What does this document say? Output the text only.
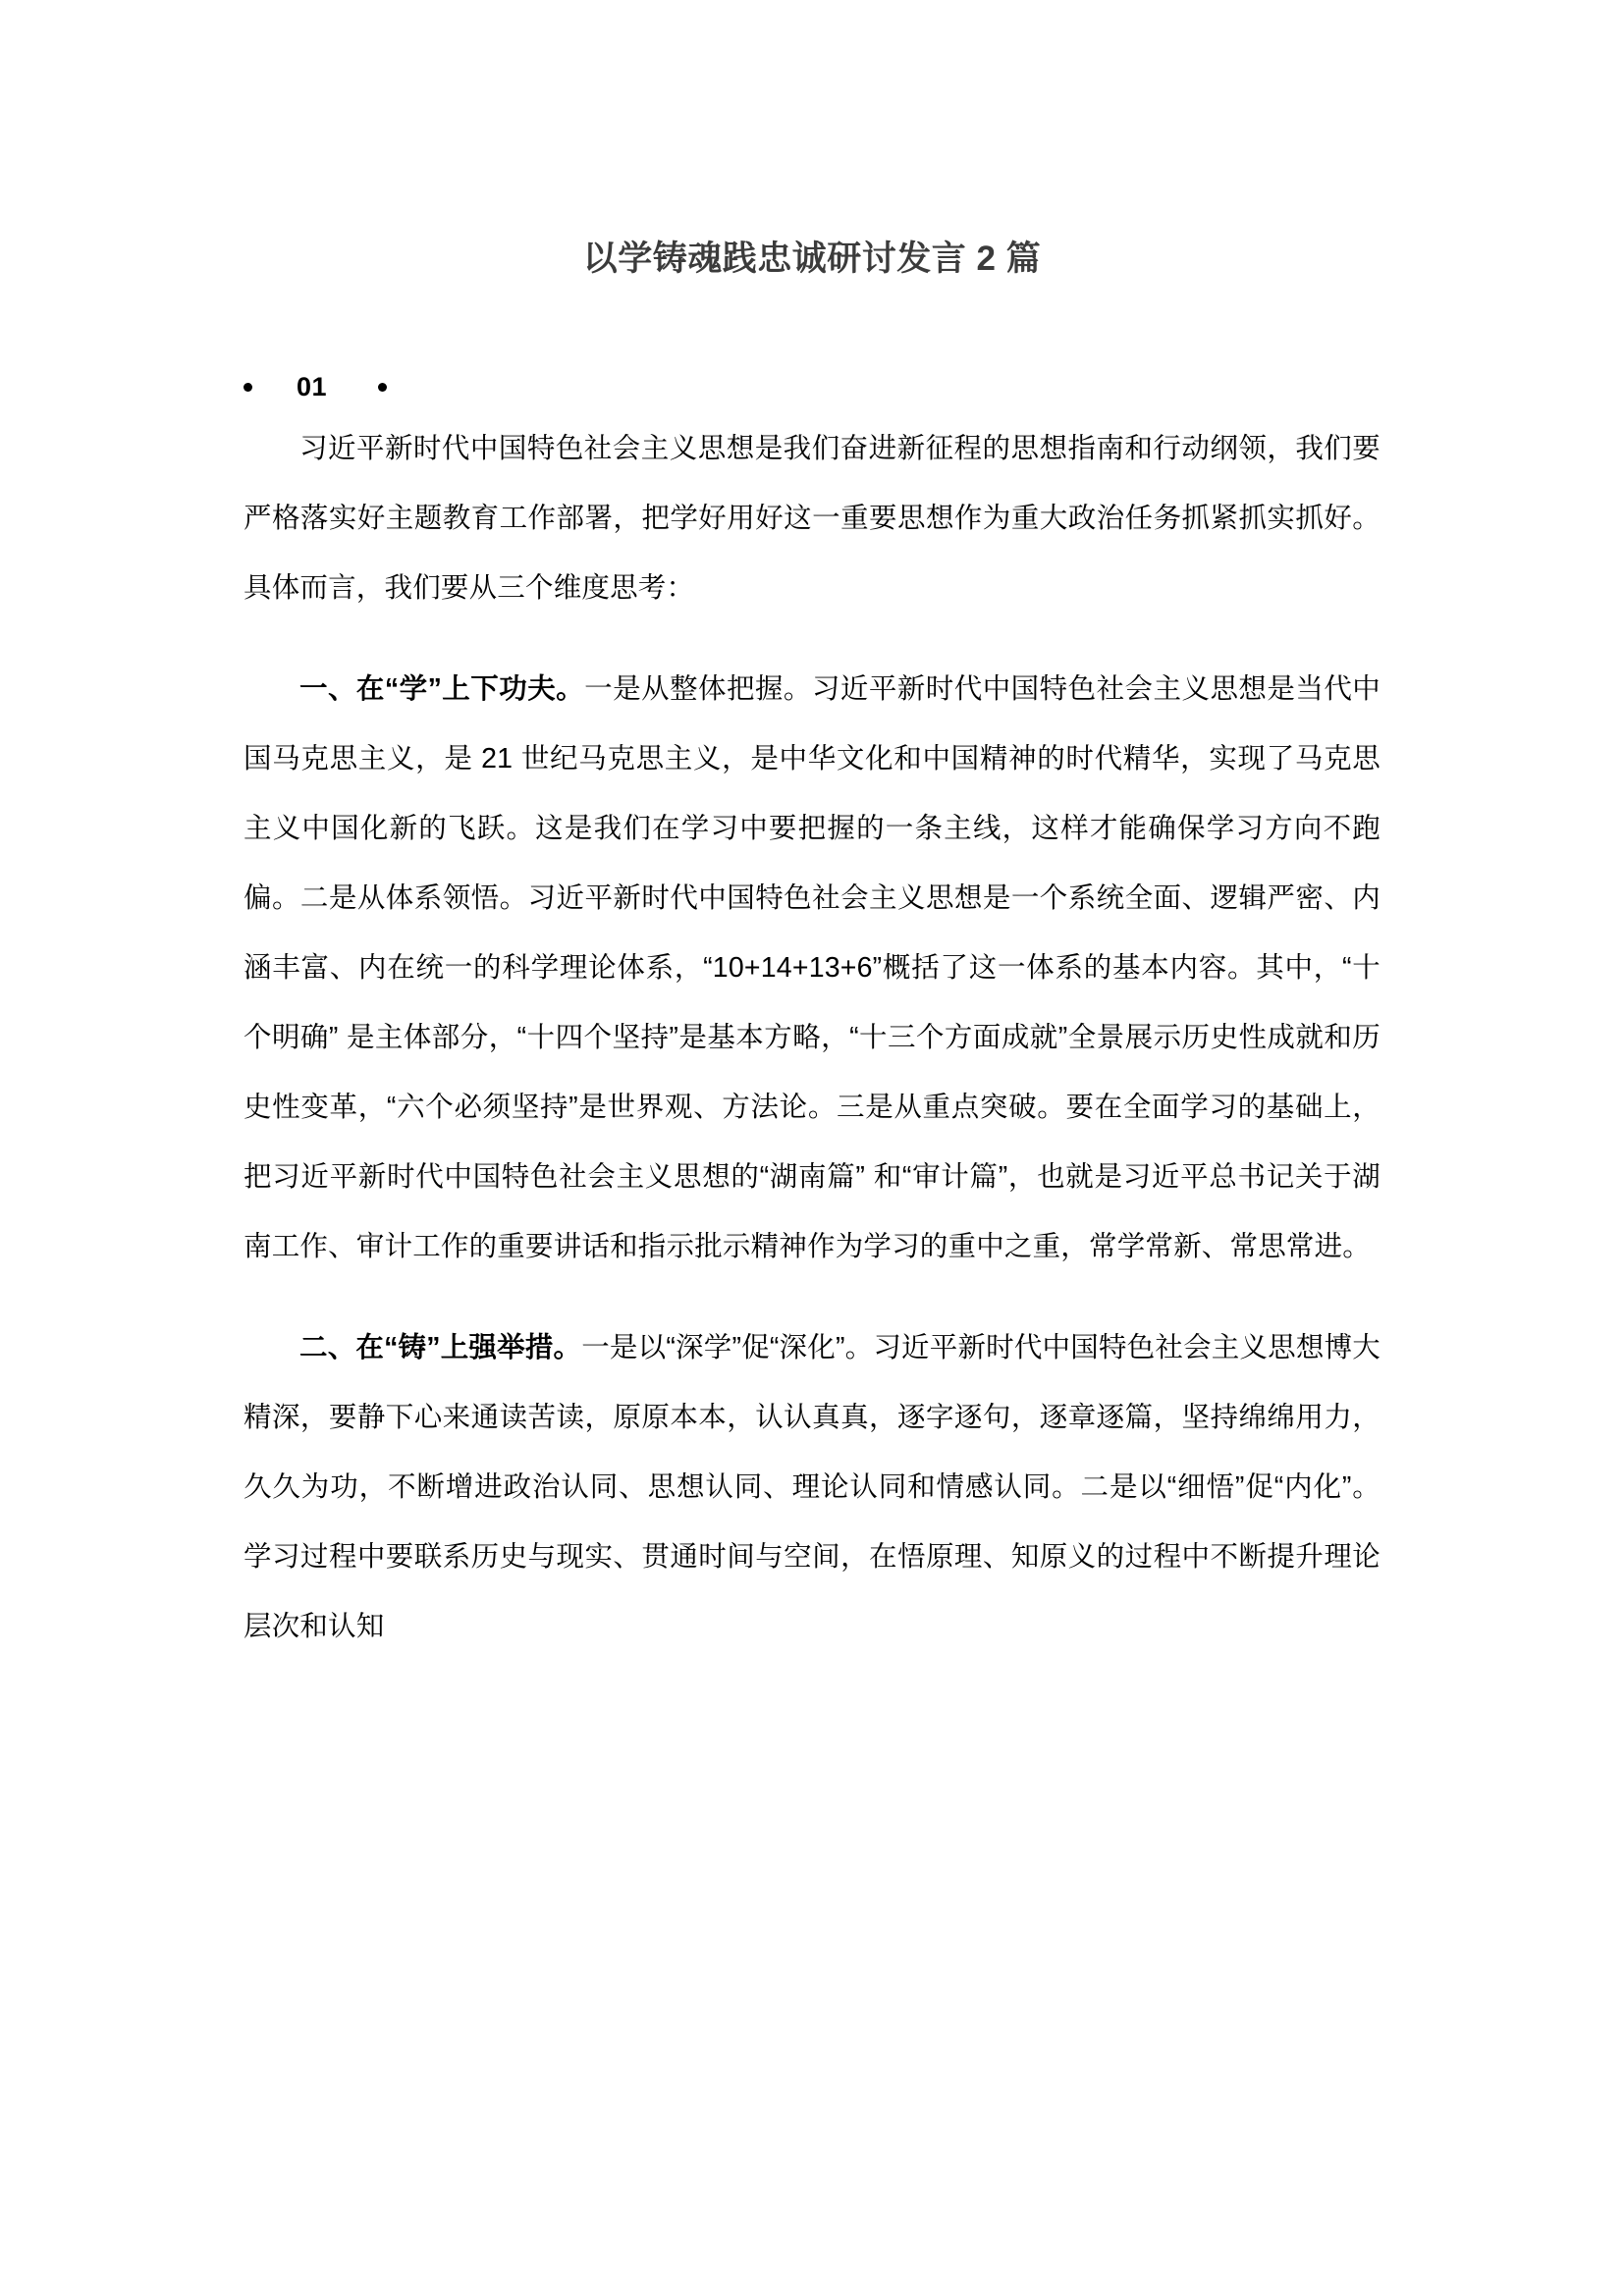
以学铸魂践忠诚研讨发言 2 篇
01

习近平新时代中国特色社会主义思想是我们奋进新征程的思想指南和行动纲领，我们要严格落实好主题教育工作部署，把学好用好这一重要思想作为重大政治任务抓紧抓实抓好。具体而言，我们要从三个维度思考：

一、在“学”上下功夫。一是从整体把握。习近平新时代中国特色社会主义思想是当代中国马克思主义，是 21 世纪马克思主义，是中华文化和中国精神的时代精华，实现了马克思主义中国化新的飞跃。这是我们在学习中要把握的一条主线，这样才能确保学习方向不跑偏。二是从体系领悟。习近平新时代中国特色社会主义思想是一个系统全面、逻辑严密、内涵丰富、内在统一的科学理论体系，“10+14+13+6”概括了这一体系的基本内容。其中，“十个明确” 是主体部分，“十四个坚持”是基本方略，“十三个方面成就”全景展示历史性成就和历史性变革，“六个必须坚持”是世界观、方法论。三是从重点突破。要在全面学习的基础上，把习近平新时代中国特色社会主义思想的“湖南篇” 和“审计篇”，也就是习近平总书记关于湖南工作、审计工作的重要讲话和指示批示精神作为学习的重中之重，常学常新、常思常进。

二、在“铸”上强举措。一是以“深学”促“深化”。习近平新时代中国特色社会主义思想博大精深，要静下心来通读苦读，原原本本，认认真真，逐字逐句，逐章逐篇，坚持绵绵用力，久久为功，不断增进政治认同、思想认同、理论认同和情感认同。二是以“细悟”促“内化”。学习过程中要联系历史与现实、贯通时间与空间，在悟原理、知原义的过程中不断提升理论层次和认知
